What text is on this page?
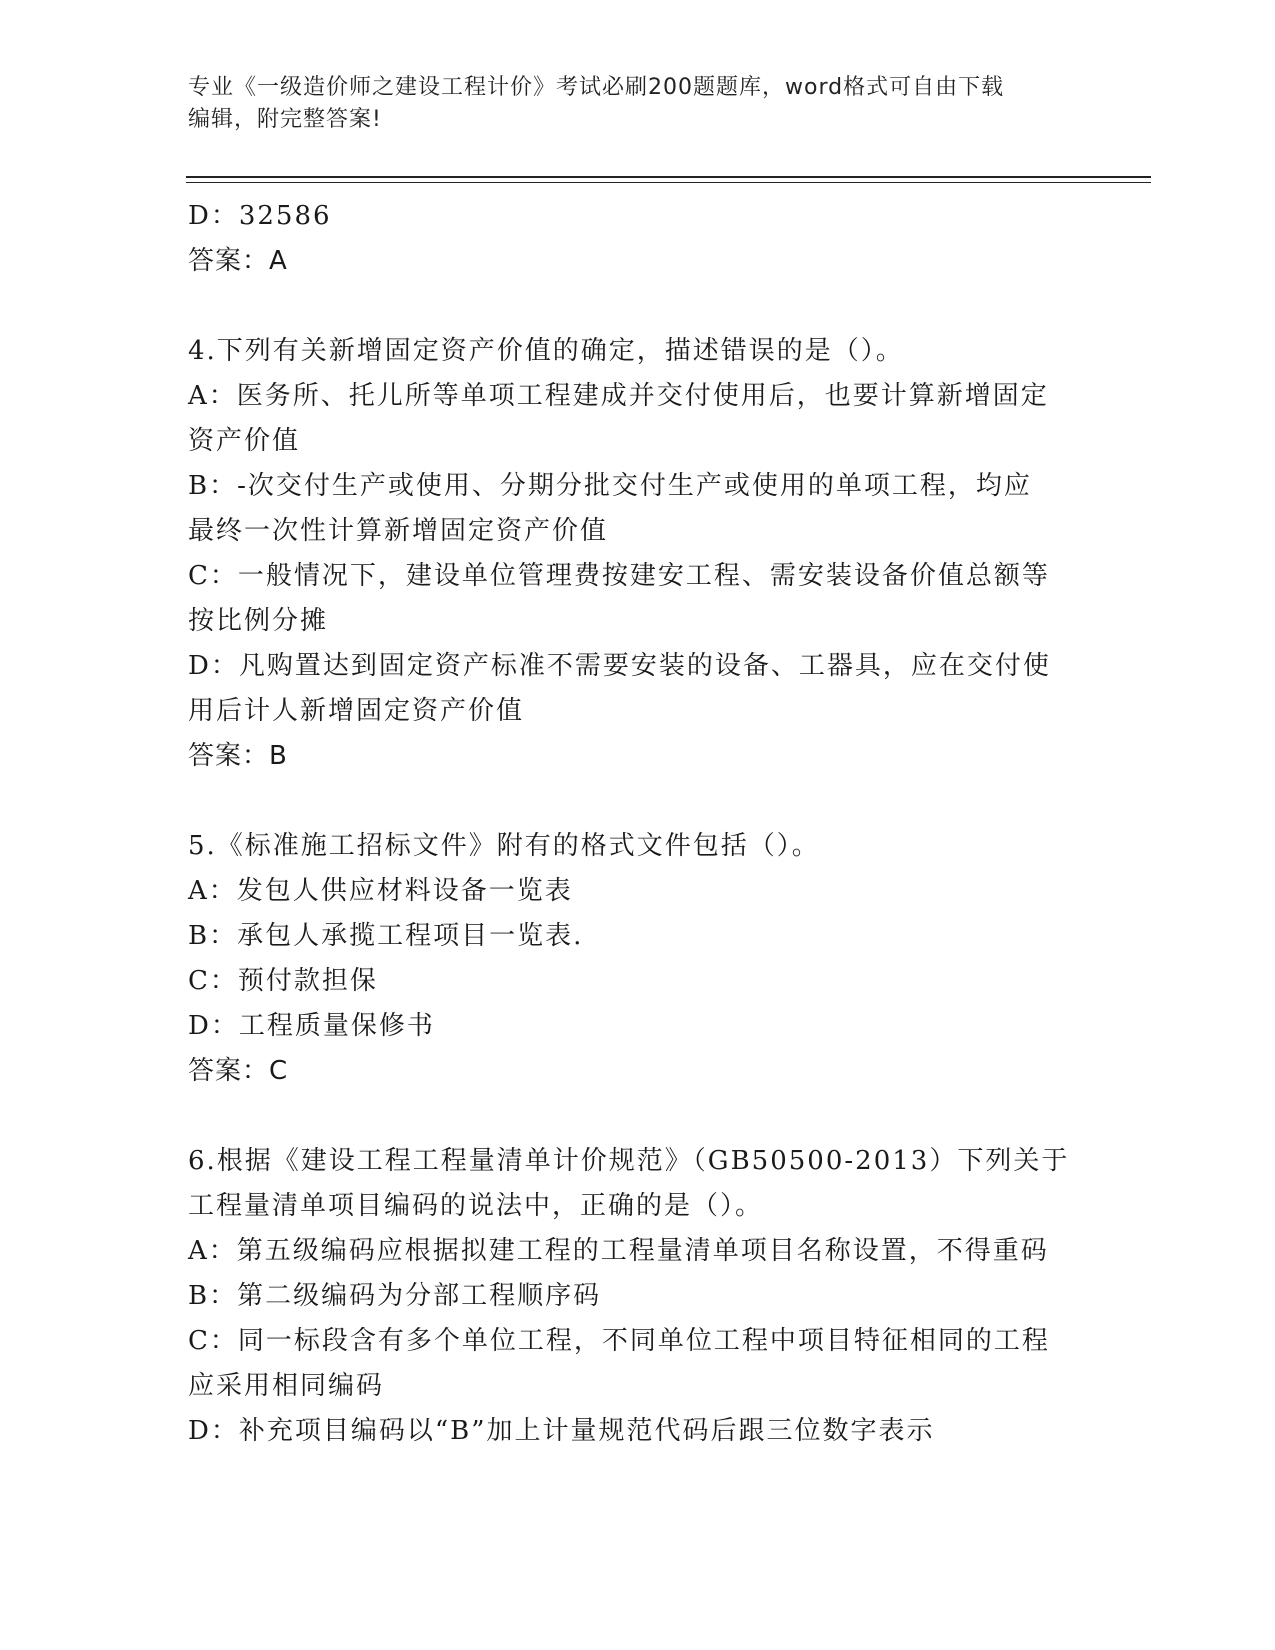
专业《一级造价师之建设工程计价》考试必刷200题题库，word格式可自由下载
编辑，附完整答案!
D：32586
答案：A
4.下列有关新增固定资产价值的确定，描述错误的是（）。
A：医务所、托儿所等单项工程建成并交付使用后，也要计算新增固定
资产价值
B：-次交付生产或使用、分期分批交付生产或使用的单项工程，均应
最终一次性计算新增固定资产价值
C：一般情况下，建设单位管理费按建安工程、需安装设备价值总额等
按比例分摊
D：凡购置达到固定资产标准不需要安装的设备、工器具，应在交付使
用后计人新增固定资产价值
答案：B
5.《标准施工招标文件》附有的格式文件包括（）。
A：发包人供应材料设备一览表
B：承包人承揽工程项目一览表.
C：预付款担保
D：工程质量保修书
答案：C
6.根据《建设工程工程量清单计价规范》（GB50500-2013）下列关于
工程量清单项目编码的说法中，正确的是（）。
A：第五级编码应根据拟建工程的工程量清单项目名称设置，不得重码
B：第二级编码为分部工程顺序码
C：同一标段含有多个单位工程，不同单位工程中项目特征相同的工程
应采用相同编码
D：补充项目编码以“B”加上计量规范代码后跟三位数字表示
